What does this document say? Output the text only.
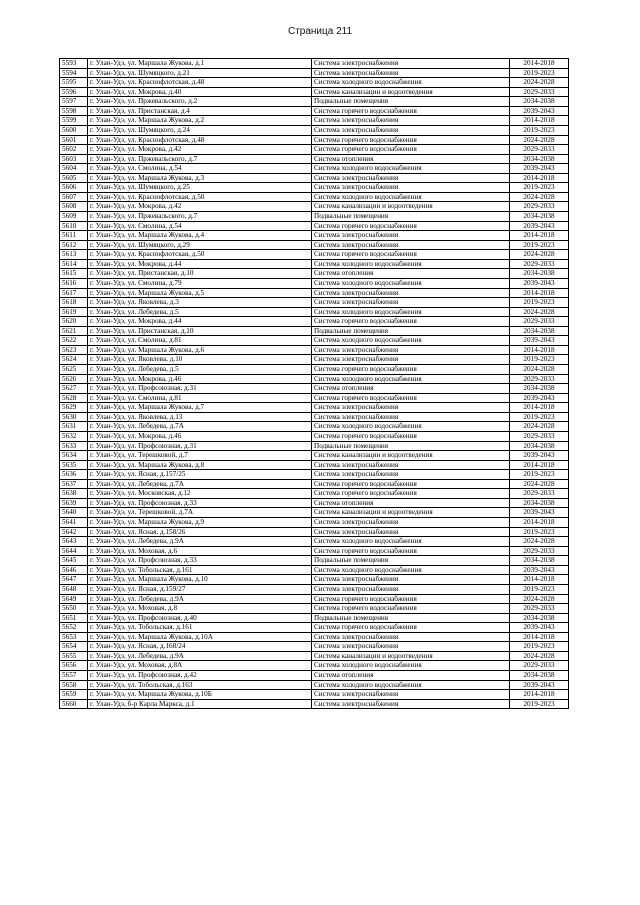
Страница 211
5593	г. Улан-Удэ, ул. Маршала Жукова, д.1	Система электроснабжения	2014-2018
5594	г. Улан-Удэ, ул. Шумяцкого, д.21	Система электроснабжения	2019-2023
5595	г. Улан-Удэ, ул. Краснофлотская, д.48	Система холодного водоснабжения	2024-2028
5596	г. Улан-Удэ, ул. Мокрова, д.40	Система канализации и водоотведения	2029-2033
5597	г. Улан-Удэ, ул. Пржевальского, д.2	Подвальные помещения	2034-2038
5598	г. Улан-Удэ, ул. Пристанская, д.4	Система горячего водоснабжения	2039-2043
5599	г. Улан-Удэ, ул. Маршала Жукова, д.2	Система электроснабжения	2014-2018
5600	г. Улан-Удэ, ул. Шумяцкого, д.24	Система электроснабжения	2019-2023
5601	г. Улан-Удэ, ул. Краснофлотская, д.48	Система горячего водоснабжения	2024-2028
5602	г. Улан-Удэ, ул. Мокрова, д.42	Система горячего водоснабжения	2029-2033
5603	г. Улан-Удэ, ул. Пржевальского, д.7	Система отопления	2034-2038
5604	г. Улан-Удэ, ул. Смолина, д.54	Система холодного водоснабжения	2039-2043
5605	г. Улан-Удэ, ул. Маршала Жукова, д.3	Система электроснабжения	2014-2018
5606	г. Улан-Удэ, ул. Шумяцкого, д.25	Система электроснабжения	2019-2023
5607	г. Улан-Удэ, ул. Краснофлотская, д.50	Система холодного водоснабжения	2024-2028
5608	г. Улан-Удэ, ул. Мокрова, д.42	Система канализации и водоотведения	2029-2033
5609	г. Улан-Удэ, ул. Пржевальского, д.7	Подвальные помещения	2034-2038
5610	г. Улан-Удэ, ул. Смолина, д.54	Система горячего водоснабжения	2039-2043
5611	г. Улан-Удэ, ул. Маршала Жукова, д.4	Система электроснабжения	2014-2018
5612	г. Улан-Удэ, ул. Шумяцкого, д.29	Система электроснабжения	2019-2023
5613	г. Улан-Удэ, ул. Краснофлотская, д.50	Система горячего водоснабжения	2024-2028
5614	г. Улан-Удэ, ул. Мокрова, д.44	Система холодного водоснабжения	2029-2033
5615	г. Улан-Удэ, ул. Пристанская, д.10	Система отопления	2034-2038
5616	г. Улан-Удэ, ул. Смолина, д.79	Система холодного водоснабжения	2039-2043
5617	г. Улан-Удэ, ул. Маршала Жукова, д.5	Система электроснабжения	2014-2018
5618	г. Улан-Удэ, ул. Яковлева, д.3	Система электроснабжения	2019-2023
5619	г. Улан-Удэ, ул. Лебедева, д.5	Система холодного водоснабжения	2024-2028
5620	г. Улан-Удэ, ул. Мокрова, д.44	Система горячего водоснабжения	2029-2033
5621	г. Улан-Удэ, ул. Пристанская, д.10	Подвальные помещения	2034-2038
5622	г. Улан-Удэ, ул. Смолина, д.81	Система холодного водоснабжения	2039-2043
5623	г. Улан-Удэ, ул. Маршала Жукова, д.6	Система электроснабжения	2014-2018
5624	г. Улан-Удэ, ул. Яковлева, д.10	Система электроснабжения	2019-2023
5625	г. Улан-Удэ, ул. Лебедева, д.5	Система горячего водоснабжения	2024-2028
5626	г. Улан-Удэ, ул. Мокрова, д.46	Система холодного водоснабжения	2029-2033
5627	г. Улан-Удэ, ул. Профсоюзная, д.31	Система отопления	2034-2038
5628	г. Улан-Удэ, ул. Смолина, д.81	Система горячего водоснабжения	2039-2043
5629	г. Улан-Удэ, ул. Маршала Жукова, д.7	Система электроснабжения	2014-2018
5630	г. Улан-Удэ, ул. Яковлева, д.13	Система электроснабжения	2019-2023
5631	г. Улан-Удэ, ул. Лебедева, д.7А	Система холодного водоснабжения	2024-2028
5632	г. Улан-Удэ, ул. Мокрова, д.46	Система горячего водоснабжения	2029-2033
5633	г. Улан-Удэ, ул. Профсоюзная, д.31	Подвальные помещения	2034-2038
5634	г. Улан-Удэ, ул. Терешковой, д.7	Система канализации и водоотведения	2039-2043
5635	г. Улан-Удэ, ул. Маршала Жукова, д.8	Система электроснабжения	2014-2018
5636	г. Улан-Удэ, ул. Ясная, д.157/25	Система электроснабжения	2019-2023
5637	г. Улан-Удэ, ул. Лебедева, д.7А	Система горячего водоснабжения	2024-2028
5638	г. Улан-Удэ, ул. Московская, д.12	Система горячего водоснабжения	2029-2033
5639	г. Улан-Удэ, ул. Профсоюзная, д.33	Система отопления	2034-2038
5640	г. Улан-Удэ, ул. Терешковой, д.7А	Система канализации и водоотведения	2039-2043
5641	г. Улан-Удэ, ул. Маршала Жукова, д.9	Система электроснабжения	2014-2018
5642	г. Улан-Удэ, ул. Ясная, д.158/26	Система электроснабжения	2019-2023
5643	г. Улан-Удэ, ул. Лебедева, д.9А	Система холодного водоснабжения	2024-2028
5644	г. Улан-Удэ, ул. Моховая, д.6	Система горячего водоснабжения	2029-2033
5645	г. Улан-Удэ, ул. Профсоюзная, д.33	Подвальные помещения	2034-2038
5646	г. Улан-Удэ, ул. Тобольская, д.161	Система холодного водоснабжения	2039-2043
5647	г. Улан-Удэ, ул. Маршала Жукова, д.10	Система электроснабжения	2014-2018
5648	г. Улан-Удэ, ул. Ясная, д.159/27	Система электроснабжения	2019-2023
5649	г. Улан-Удэ, ул. Лебедева, д.9А	Система горячего водоснабжения	2024-2028
5650	г. Улан-Удэ, ул. Моховая, д.8	Система горячего водоснабжения	2029-2033
5651	г. Улан-Удэ, ул. Профсоюзная, д.40	Подвальные помещения	2034-2038
5652	г. Улан-Удэ, ул. Тобольская, д.161	Система горячего водоснабжения	2039-2043
5653	г. Улан-Удэ, ул. Маршала Жукова, д.10А	Система электроснабжения	2014-2018
5654	г. Улан-Удэ, ул. Ясная, д.168/24	Система электроснабжения	2019-2023
5655	г. Улан-Удэ, ул. Лебедева, д.9А	Система канализации и водоотведения	2024-2028
5656	г. Улан-Удэ, ул. Моховая, д.8А	Система холодного водоснабжения	2029-2033
5657	г. Улан-Удэ, ул. Профсоюзная, д.42	Система отопления	2034-2038
5658	г. Улан-Удэ, ул. Тобольская, д.163	Система холодного водоснабжения	2039-2043
5659	г. Улан-Удэ, ул. Маршала Жукова, д.10Б	Система электроснабжения	2014-2018
5660	г. Улан-Удэ, б-р Карла Маркса, д.1	Система электроснабжения	2019-2023
